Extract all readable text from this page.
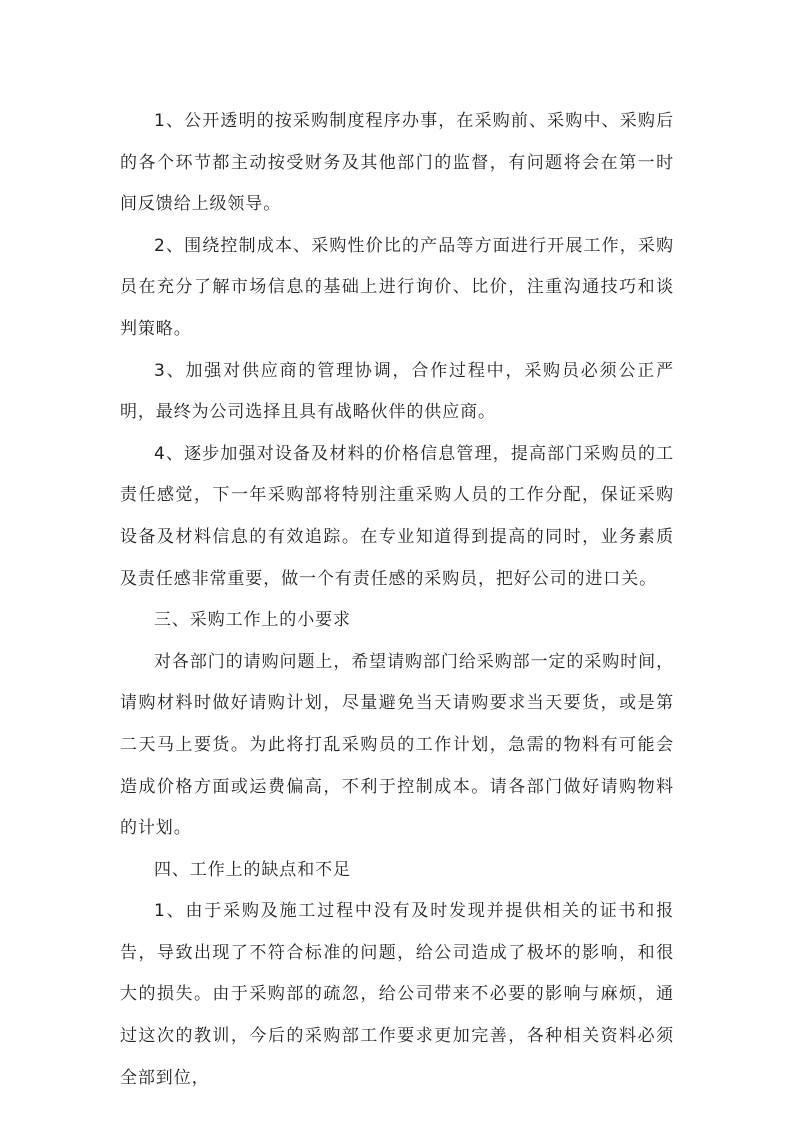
1、公开透明的按采购制度程序办事，在采购前、采购中、采购后的各个环节都主动按受财务及其他部门的监督，有问题将会在第一时间反馈给上级领导。

2、围绕控制成本、采购性价比的产品等方面进行开展工作，采购员在充分了解市场信息的基础上进行询价、比价，注重沟通技巧和谈判策略。

3、加强对供应商的管理协调，合作过程中，采购员必须公正严明，最终为公司选择且具有战略伙伴的供应商。

4、逐步加强对设备及材料的价格信息管理，提高部门采购员的工责任感觉，下一年采购部将特别注重采购人员的工作分配，保证采购设备及材料信息的有效追踪。在专业知道得到提高的同时，业务素质及责任感非常重要，做一个有责任感的采购员，把好公司的进口关。

三、采购工作上的小要求

对各部门的请购问题上，希望请购部门给采购部一定的采购时间，请购材料时做好请购计划，尽量避免当天请购要求当天要货，或是第二天马上要货。为此将打乱采购员的工作计划，急需的物料有可能会造成价格方面或运费偏高，不利于控制成本。请各部门做好请购物料的计划。

四、工作上的缺点和不足

1、由于采购及施工过程中没有及时发现并提供相关的证书和报告，导致出现了不符合标准的问题，给公司造成了极坏的影响，和很大的损失。由于采购部的疏忽，给公司带来不必要的影响与麻烦，通过这次的教训，今后的采购部工作要求更加完善，各种相关资料必须全部到位，
